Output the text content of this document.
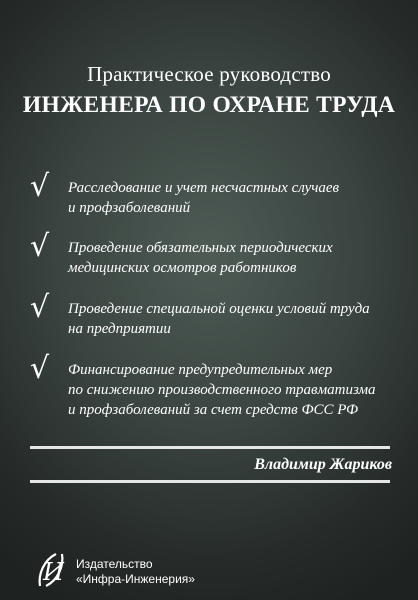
Практическое руководство
ИНЖЕНЕРА ПО ОХРАНЕ ТРУДА
√ Расследование и учет несчастных случаев
и профзаболеваний
√ Проведение обязательных периодических
медицинских осмотров работников
√ Проведение специальной оценки условий труда
на предприятии
√ Финансирование предупредительных мер
по снижению производственного травматизма
и профзаболеваний за счет средств ФСС РФ
Владимир Жариков
И Издательство
«Инфра-Инженерия»
